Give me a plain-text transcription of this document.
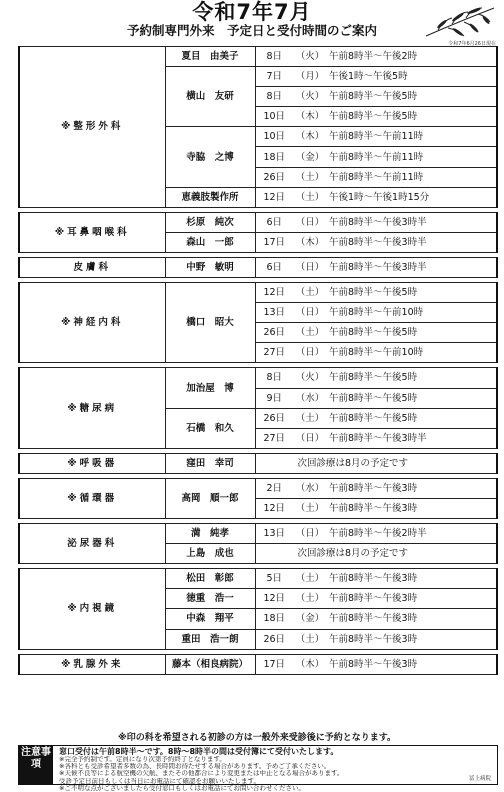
令和7年7月
予約制専門外来　予定日と受付時間のご案内
令和7年6月26日現在
※整形外科	夏目　由美子	8日	（火）	午前8時半～午後2時
	横山　友研	7日	（月）	午後1時～午後5時
		8日	（火）	午前8時半～午後5時
		10日	（木）	午前8時半～午後5時
	寺脇　之博	10日	（木）	午前8時半～午前11時
		18日	（金）	午前8時半～午前11時
		26日	（土）	午前8時半～午前11時
	恵義肢製作所	12日	（土）	午後1時～午後1時15分

※耳鼻咽喉科	杉原　純次	6日	（日）	午前8時半～午後3時半
	森山　一郎	17日	（木）	午前8時半～午後3時半

皮膚科	中野　敏明	6日	（日）	午前8時半～午後3時半

※神経内科	橋口　昭大	12日	（土）	午前8時半～午後5時
		13日	（日）	午前8時半～午前10時
		26日	（土）	午前8時半～午後5時
		27日	（日）	午前8時半～午前10時

※糖尿病	加治屋　博	8日	（火）	午前8時半～午後5時
		9日	（水）	午前8時半～午後5時
	石橋　和久	26日	（土）	午前8時半～午後5時
		27日	（日）	午前8時半～午後3時半

※呼吸器	窪田　幸司	次回診療は8月の予定です		

※循環器	高岡　順一郎	2日	（水）	午前8時半～午後3時
		12日	（土）	午前8時半～午後3時

泌尿器科	満　純孝	13日	（日）	午前8時半～午後2時半
	上島　成也	次回診療は8月の予定です		

※内視鏡	松田　彰郎	5日	（土）	午前8時半～午後3時
	徳重　浩一	12日	（土）	午前8時半～午後3時
	中森　翔平	18日	（金）	午前8時半～午後3時
	重田　浩一朗	26日	（土）	午前8時半～午後3時

※乳腺外来	藤本（相良病院）	17日	（木）	午前8時半～午後3時
※印の科を希望される初診の方は一般外来受診後に予約となります。
注意事項
窓口受付は午前8時半～です。8時～8時半の間は受付簿にて受付いたします。
※完全予約制です。定員になり次第予約終了となります。
※各科とも受診希望者多数の為、長時間お待たせする場合があります。予めご了承ください。
※天候不良等による航空機の欠航、またその他都合により変更または中止となる場合があります。
受診予定日前日もしくは当日にお電話にて確認をお願いいたします。
※ご不明な点がございましたら受付窓口もしくはお電話にてお問い合わせください。
冨上病院
